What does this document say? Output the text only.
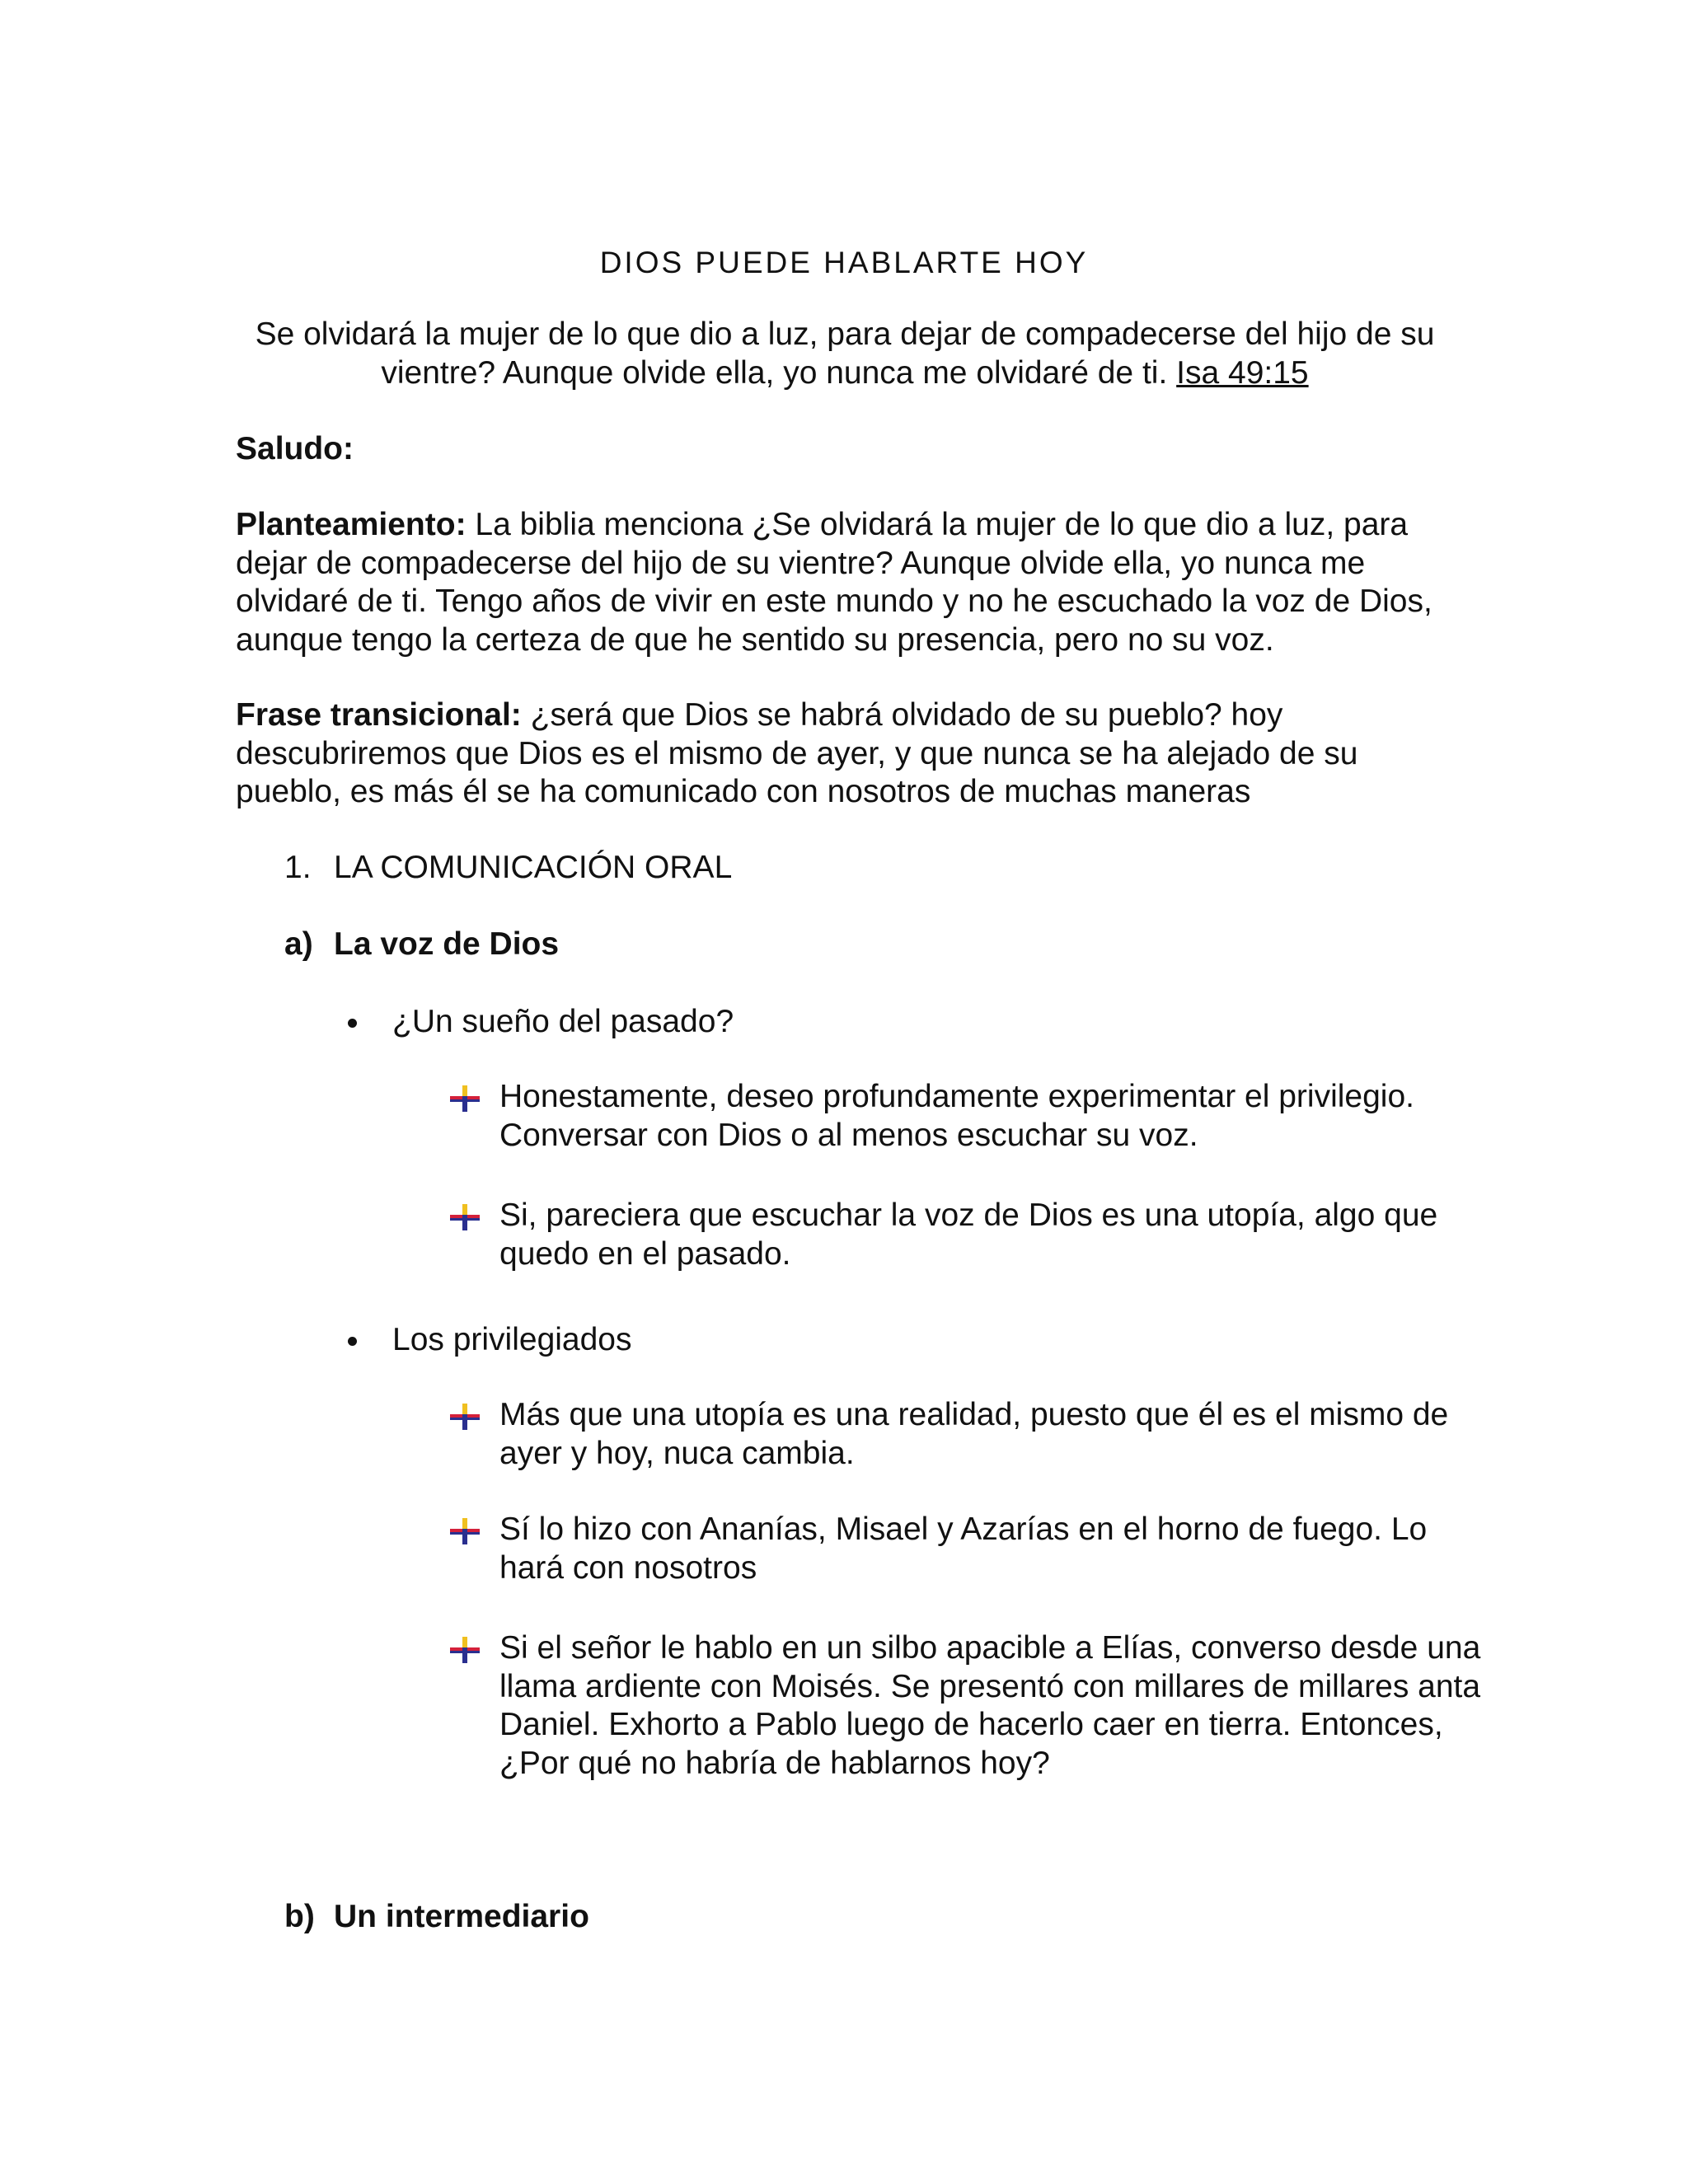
DIOS PUEDE HABLARTE HOY

Se olvidará la mujer de lo que dio a luz, para dejar de compadecerse del hijo de su vientre? Aunque olvide ella, yo nunca me olvidaré de ti. Isa 49:15

Saludo:

Planteamiento: La biblia menciona ¿Se olvidará la mujer de lo que dio a luz, para dejar de compadecerse del hijo de su vientre? Aunque olvide ella, yo nunca me olvidaré de ti. Tengo años de vivir en este mundo y no he escuchado la voz de Dios, aunque tengo la certeza de que he sentido su presencia, pero no su voz.

Frase transicional: ¿será que Dios se habrá olvidado de su pueblo? hoy descubriremos que Dios es el mismo de ayer, y que nunca se ha alejado de su pueblo, es más él se ha comunicado con nosotros de muchas maneras

1. LA COMUNICACIÓN ORAL
a) La voz de Dios
¿Un sueño del pasado?
Honestamente, deseo profundamente experimentar el privilegio. Conversar con Dios o al menos escuchar su voz.
Si, pareciera que escuchar la voz de Dios es una utopía, algo que quedo en el pasado.
Los privilegiados
Más que una utopía es una realidad, puesto que él es el mismo de ayer y hoy, nuca cambia.
Sí lo hizo con Ananías, Misael y Azarías en el horno de fuego. Lo hará con nosotros
Si el señor le hablo en un silbo apacible a Elías, converso desde una llama ardiente con Moisés. Se presentó con millares de millares anta Daniel. Exhorto a Pablo luego de hacerlo caer en tierra. Entonces, ¿Por qué no habría de hablarnos hoy?
b) Un intermediario
